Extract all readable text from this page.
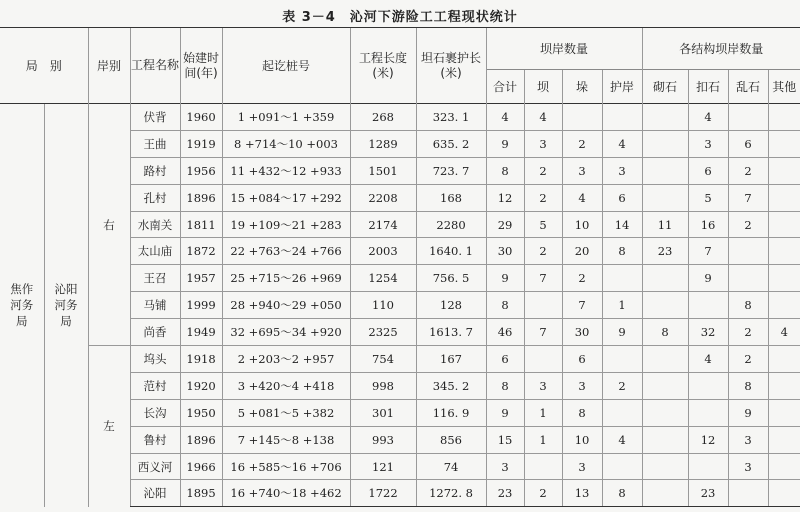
表 3－4　沁河下游险工工程现状统计
局　别		岸别	工程名称	始建时间(年)	起讫桩号	工程长度(米)	坦石裹护长(米)	坝岸数量				各结构坝岸数量			
								合计	坝	垛	护岸	砌石	扣石	乱石	其他
焦作河务局	沁阳河务局	右	伏背	1960	1 +091～1 +359	268	323. 1	4	4				4		
			王曲	1919	8 +714～10 +003	1289	635. 2	9	3	2	4		3	6	
			路村	1956	11 +432～12 +933	1501	723. 7	8	2	3	3		6	2	
			孔村	1896	15 +084～17 +292	2208	168	12	2	4	6		5	7	
			水南关	1811	19 +109～21 +283	2174	2280	29	5	10	14	11	16	2	
			太山庙	1872	22 +763～24 +766	2003	1640. 1	30	2	20	8	23	7		
			王召	1957	25 +715～26 +969	1254	756. 5	9	7	2			9		
			马铺	1999	28 +940～29 +050	110	128	8		7	1			8	
			尚香	1949	32 +695～34 +920	2325	1613. 7	46	7	30	9	8	32	2	4
		左	坞头	1918	2 +203～2 +957	754	167	6		6			4	2	
			范村	1920	3 +420～4 +418	998	345. 2	8	3	3	2			8	
			长沟	1950	5 +081～5 +382	301	116. 9	9	1	8				9	
			鲁村	1896	7 +145～8 +138	993	856	15	1	10	4		12	3	
			西义河	1966	16 +585～16 +706	121	74	3		3				3	
			沁阳	1895	16 +740～18 +462	1722	1272. 8	23	2	13	8		23		
